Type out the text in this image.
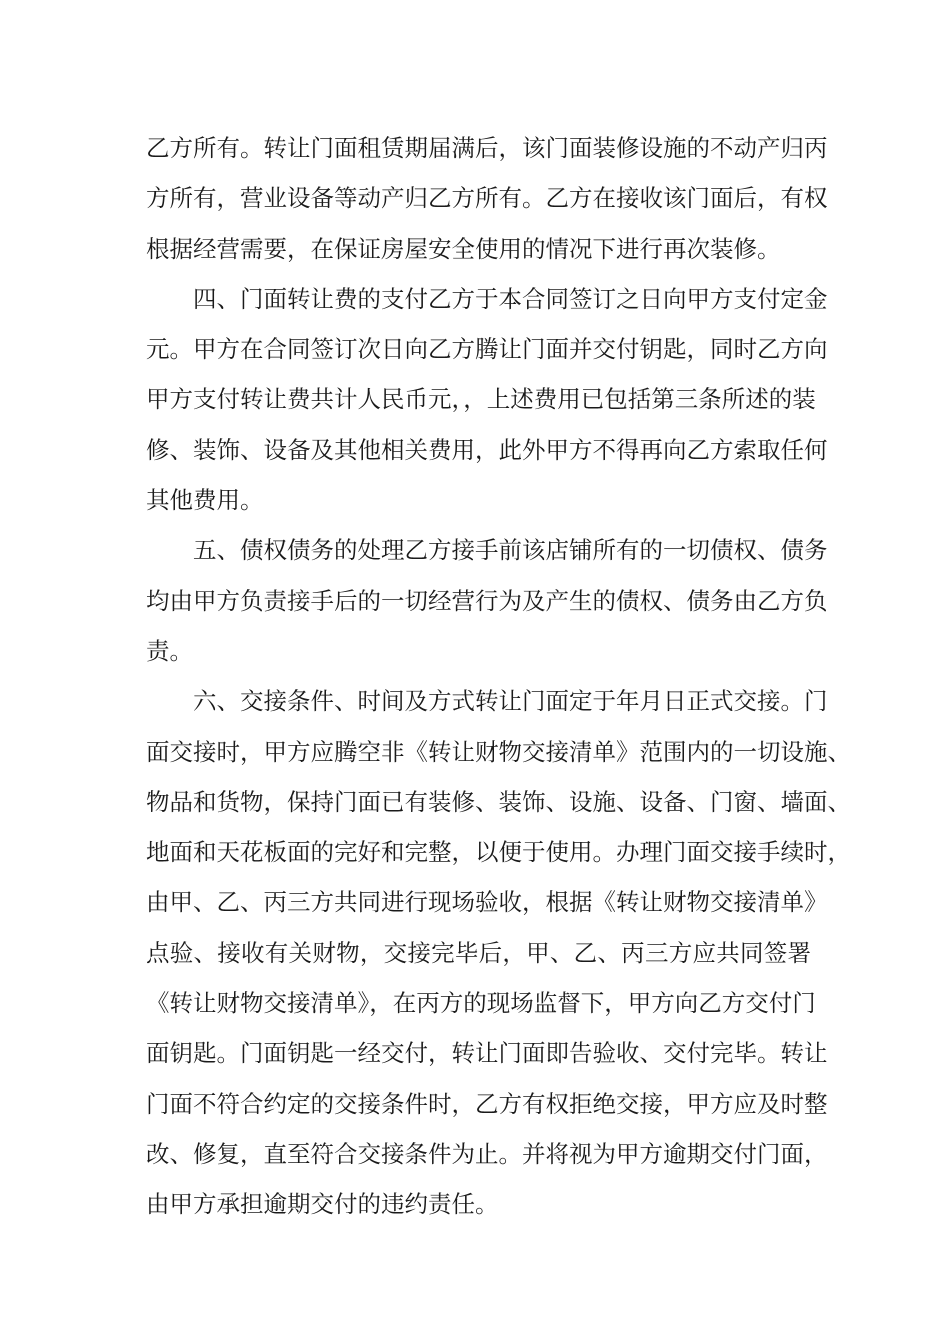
乙方所有。转让门面租赁期届满后，该门面装修设施的不动产归丙
方所有，营业设备等动产归乙方所有。乙方在接收该门面后，有权
根据经营需要，在保证房屋安全使用的情况下进行再次装修。
四、门面转让费的支付乙方于本合同签订之日向甲方支付定金
元。甲方在合同签订次日向乙方腾让门面并交付钥匙，同时乙方向
甲方支付转让费共计人民币元，，上述费用已包括第三条所述的装
修、装饰、设备及其他相关费用，此外甲方不得再向乙方索取任何
其他费用。
五、债权债务的处理乙方接手前该店铺所有的一切债权、债务
均由甲方负责接手后的一切经营行为及产生的债权、债务由乙方负
责。
六、交接条件、时间及方式转让门面定于年月日正式交接。门
面交接时，甲方应腾空非《转让财物交接清单》范围内的一切设施、
物品和货物，保持门面已有装修、装饰、设施、设备、门窗、墙面、
地面和天花板面的完好和完整，以便于使用。办理门面交接手续时，
由甲、乙、丙三方共同进行现场验收，根据《转让财物交接清单》
点验、接收有关财物，交接完毕后，甲、乙、丙三方应共同签署
《转让财物交接清单》，在丙方的现场监督下，甲方向乙方交付门
面钥匙。门面钥匙一经交付，转让门面即告验收、交付完毕。转让
门面不符合约定的交接条件时，乙方有权拒绝交接，甲方应及时整
改、修复，直至符合交接条件为止。并将视为甲方逾期交付门面，
由甲方承担逾期交付的违约责任。
